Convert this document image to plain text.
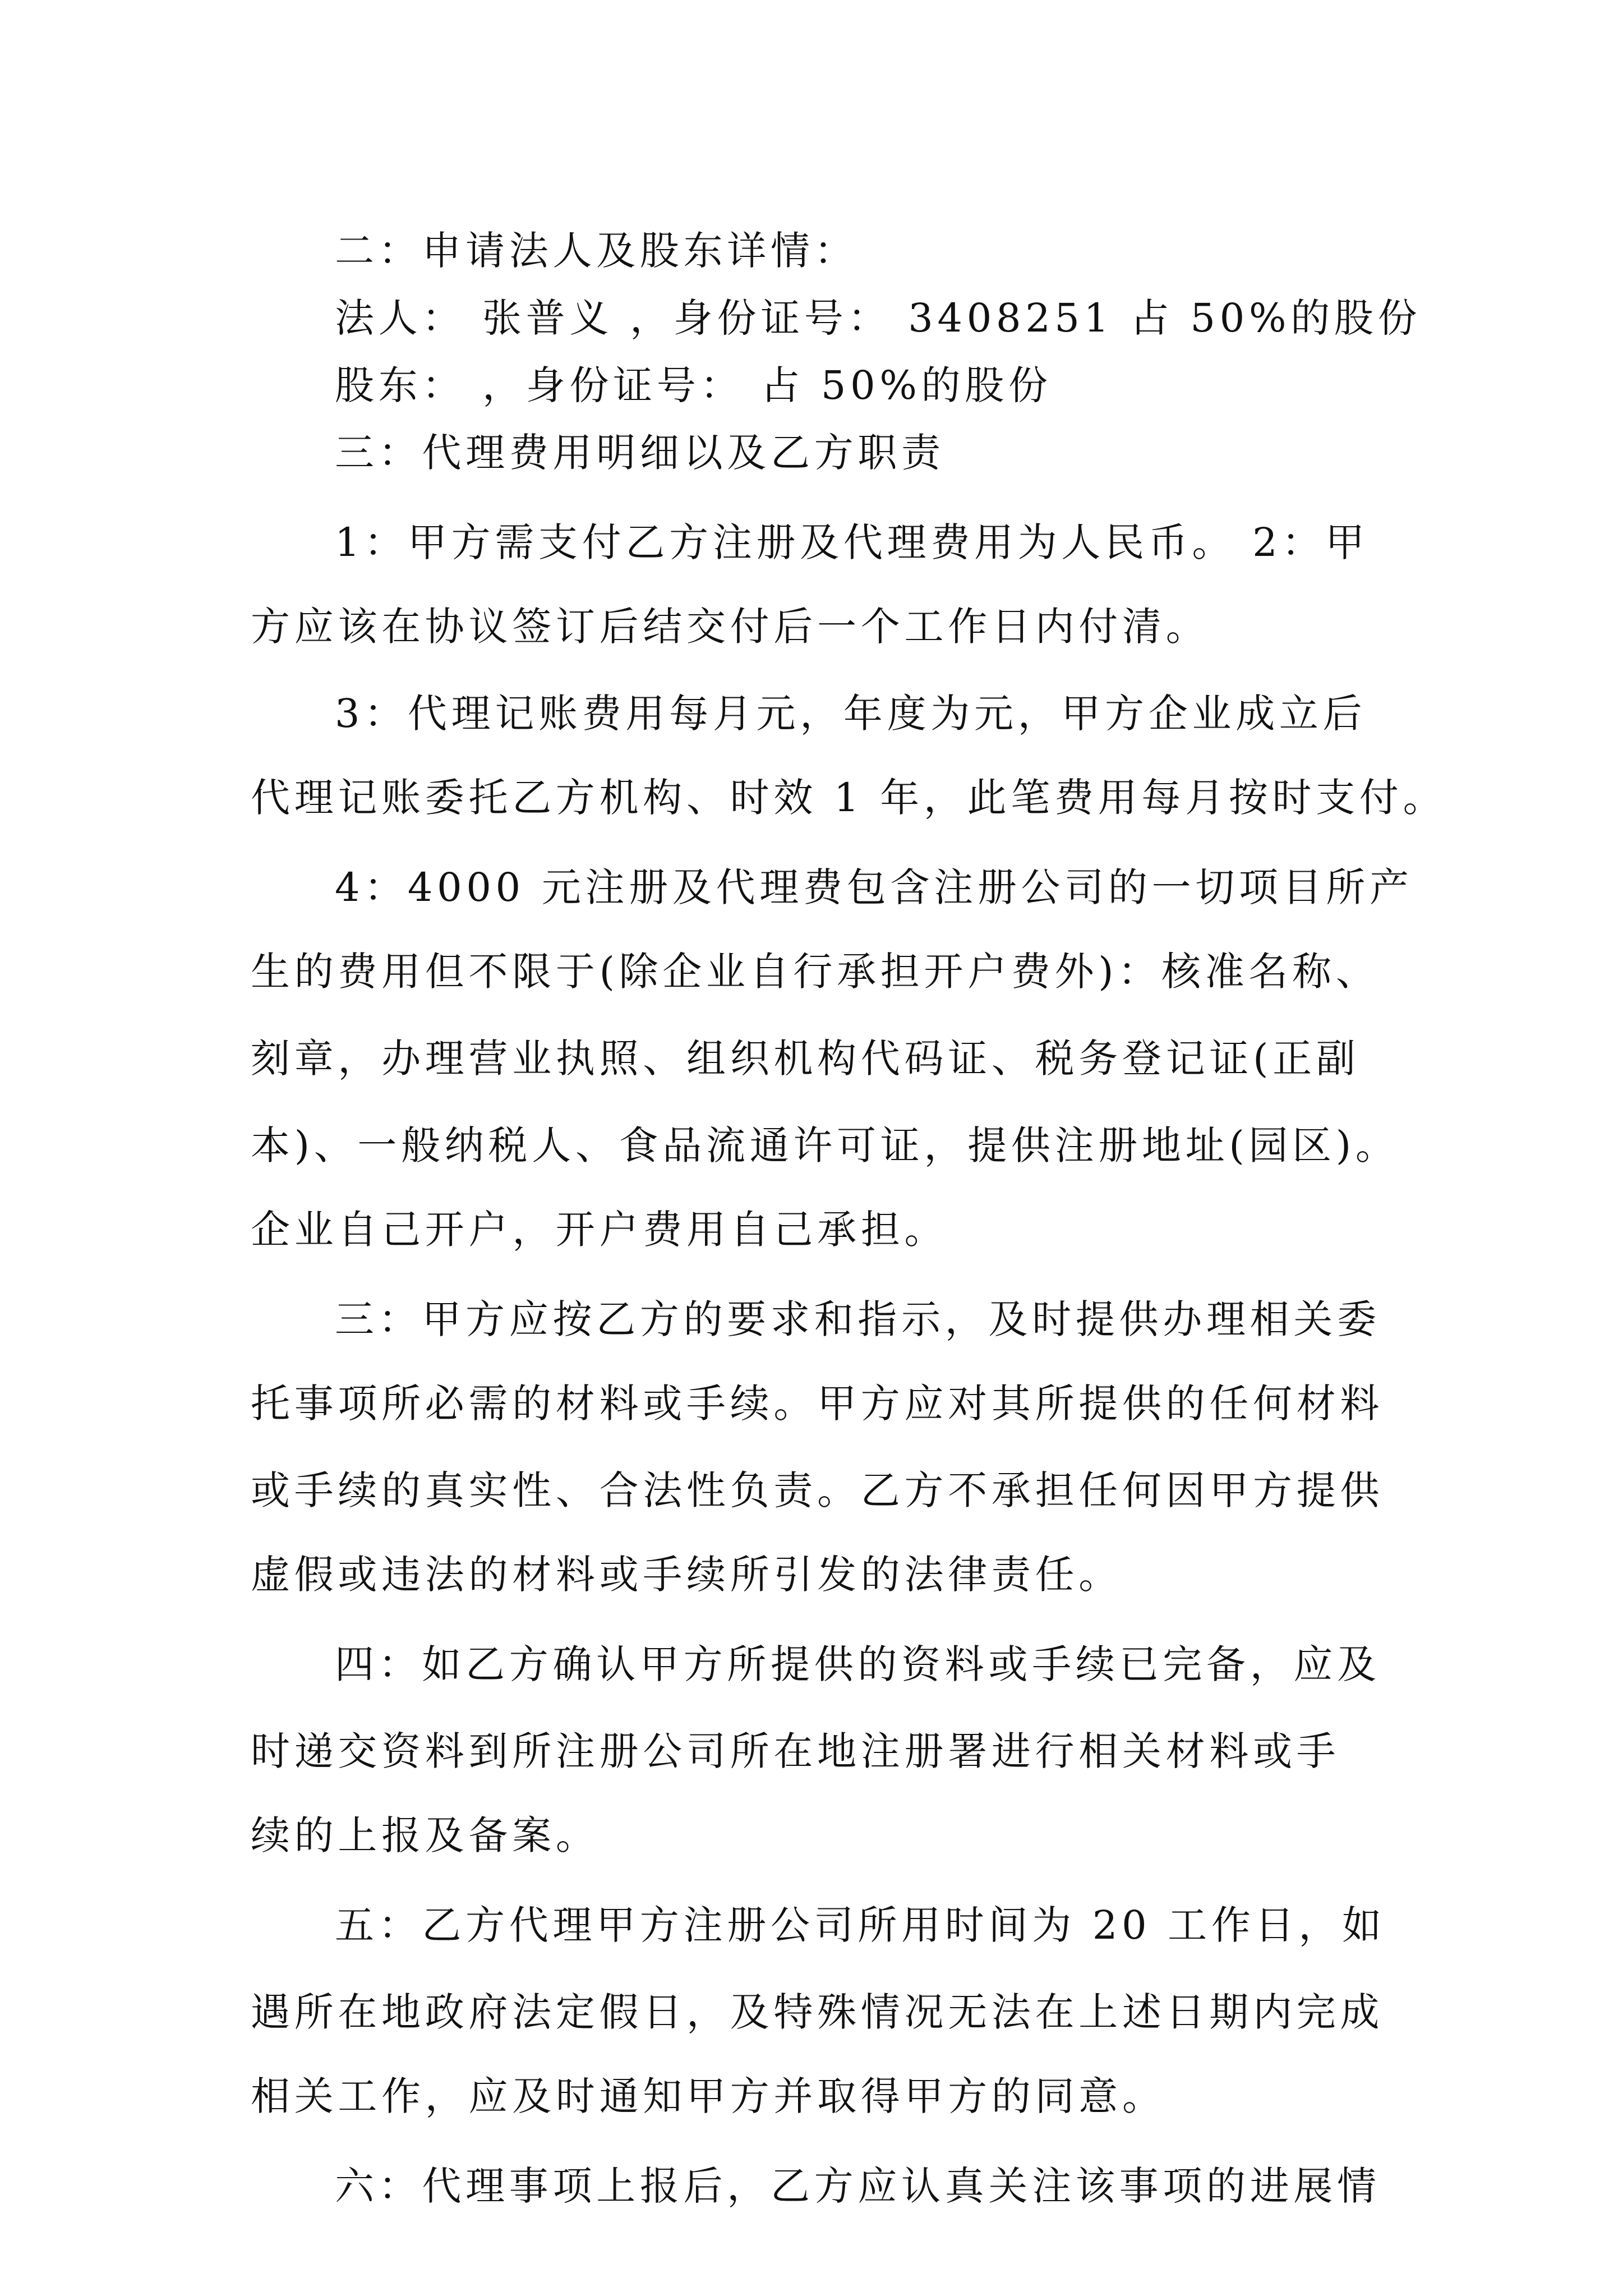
二：申请法人及股东详情：
法人： 张普义 ，身份证号： 3408251 占 50%的股份
股东： ，身份证号： 占 50%的股份
三：代理费用明细以及乙方职责
1：甲方需支付乙方注册及代理费用为人民币。 2：甲
方应该在协议签订后结交付后一个工作日内付清。
3：代理记账费用每月元，年度为元，甲方企业成立后
代理记账委托乙方机构、时效 1 年，此笔费用每月按时支付。
4：4000 元注册及代理费包含注册公司的一切项目所产
生的费用但不限于(除企业自行承担开户费外)：核准名称、
刻章，办理营业执照、组织机构代码证、税务登记证(正副
本)、一般纳税人、食品流通许可证，提供注册地址(园区)。
企业自己开户，开户费用自己承担。
三：甲方应按乙方的要求和指示，及时提供办理相关委
托事项所必需的材料或手续。甲方应对其所提供的任何材料
或手续的真实性、合法性负责。乙方不承担任何因甲方提供
虚假或违法的材料或手续所引发的法律责任。
四：如乙方确认甲方所提供的资料或手续已完备，应及
时递交资料到所注册公司所在地注册署进行相关材料或手
续的上报及备案。
五：乙方代理甲方注册公司所用时间为 20 工作日，如
遇所在地政府法定假日，及特殊情况无法在上述日期内完成
相关工作，应及时通知甲方并取得甲方的同意。
六：代理事项上报后，乙方应认真关注该事项的进展情
